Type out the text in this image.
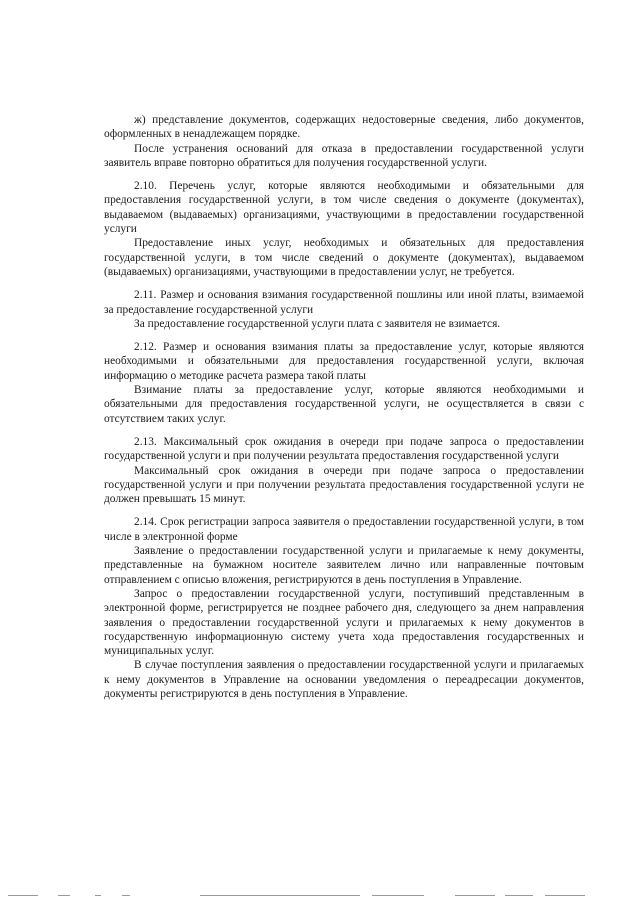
ж) представление документов, содержащих недостоверные сведения, либо документов, оформленных в ненадлежащем порядке.

После устранения оснований для отказа в предоставлении государственной услуги заявитель вправе повторно обратиться для получения государственной услуги.

2.10. Перечень услуг, которые являются необходимыми и обязательными для предоставления государственной услуги, в том числе сведения о документе (документах), выдаваемом (выдаваемых) организациями, участвующими в предоставлении государственной услуги

Предоставление иных услуг, необходимых и обязательных для предоставления государственной услуги, в том числе сведений о документе (документах), выдаваемом (выдаваемых) организациями, участвующими в предоставлении услуг, не требуется.

2.11. Размер и основания взимания государственной пошлины или иной платы, взимаемой за предоставление государственной услуги

За предоставление государственной услуги плата с заявителя не взимается.

2.12. Размер и основания взимания платы за предоставление услуг, которые являются необходимыми и обязательными для предоставления государственной услуги, включая информацию о методике расчета размера такой платы

Взимание платы за предоставление услуг, которые являются необходимыми и обязательными для предоставления государственной услуги, не осуществляется в связи с отсутствием таких услуг.

2.13. Максимальный срок ожидания в очереди при подаче запроса о предоставлении государственной услуги и при получении результата предоставления государственной услуги

Максимальный срок ожидания в очереди при подаче запроса о предоставлении государственной услуги и при получении результата предоставления государственной услуги не должен превышать 15 минут.

2.14. Срок регистрации запроса заявителя о предоставлении государственной услуги, в том числе в электронной форме

Заявление о предоставлении государственной услуги и прилагаемые к нему документы, представленные на бумажном носителе заявителем лично или направленные почтовым отправлением с описью вложения, регистрируются в день поступления в Управление.

Запрос о предоставлении государственной услуги, поступивший представленным в электронной форме, регистрируется не позднее рабочего дня, следующего за днем направления заявления о предоставлении государственной услуги и прилагаемых к нему документов в государственную информационную систему учета хода предоставления государственных и муниципальных услуг.

В случае поступления заявления о предоставлении государственной услуги и прилагаемых к нему документов в Управление на основании уведомления о переадресации документов, документы регистрируются в день поступления в Управление.
